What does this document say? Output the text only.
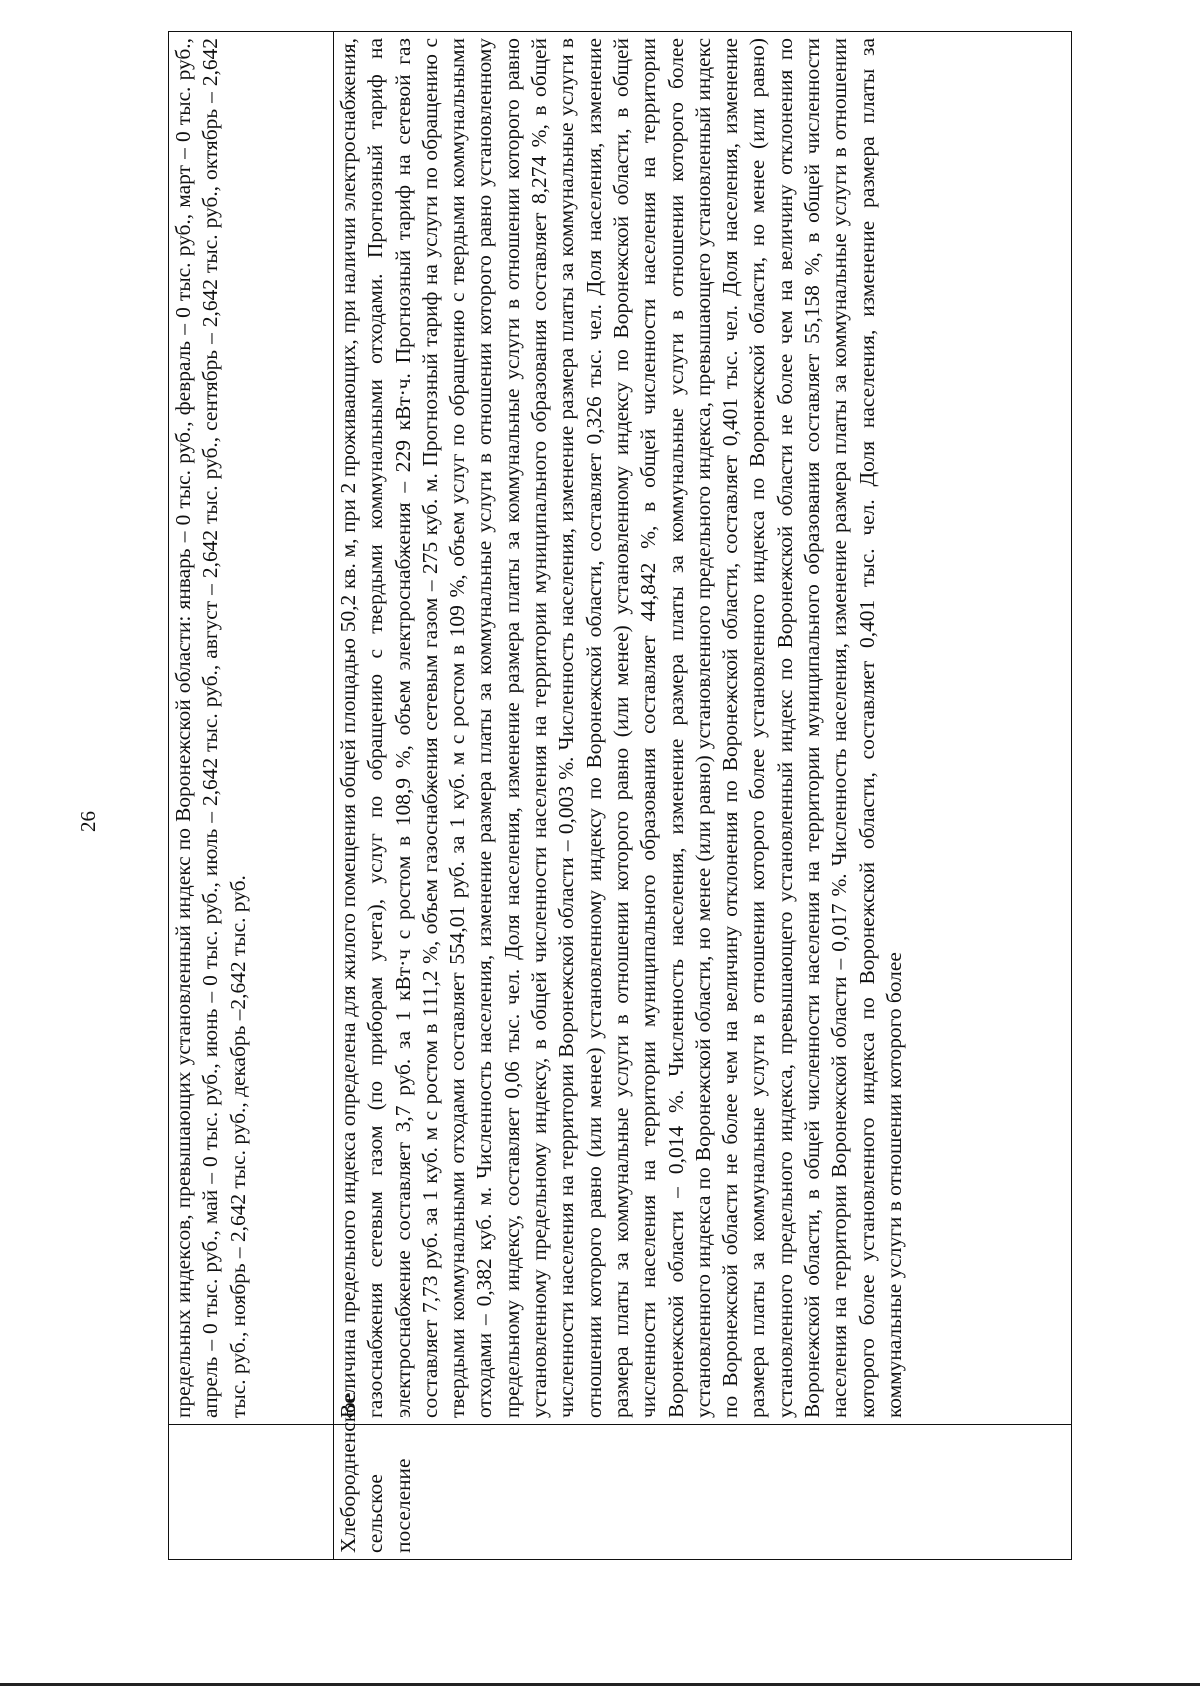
26

	предельных индексов, превышающих установленный индекс по Воронежской области: январь – 0 тыс. руб., февраль – 0 тыс. руб., март – 0 тыс. руб., апрель – 0 тыс. руб., май – 0 тыс. руб., июнь – 0 тыс. руб., июль – 2,642 тыс. руб., август – 2,642 тыс. руб., сентябрь – 2,642 тыс. руб., октябрь – 2,642 тыс. руб., ноябрь – 2,642 тыс. руб., декабрь –2,642 тыс. руб.

Хлебородненское сельское поселение	Величина предельного индекса определена для жилого помещения общей площадью 50,2 кв. м, при 2 проживающих, при наличии электроснабжения, газоснабжения сетевым газом (по приборам учета), услуг по обращению с твердыми коммунальными отходами. Прогнозный тариф на электроснабжение составляет 3,7 руб. за 1 кВт·ч с ростом в 108,9 %, объем электроснабжения – 229 кВт·ч. Прогнозный тариф на сетевой газ составляет 7,73 руб. за 1 куб. м с ростом в 111,2 %, объем газоснабжения сетевым газом – 275 куб. м. Прогнозный тариф на услуги по обращению с твердыми коммунальными отходами составляет 554,01 руб. за 1 куб. м с ростом в 109 %, объем услуг по обращению с твердыми коммунальными отходами – 0,382 куб. м. Численность населения, изменение размера платы за коммунальные услуги в отношении которого равно установленному предельному индексу, составляет 0,06 тыс. чел. Доля населения, изменение размера платы за коммунальные услуги в отношении которого равно установленному предельному индексу, в общей численности населения на территории муниципального образования составляет 8,274 %, в общей численности населения на территории Воронежской области – 0,003 %. Численность населения, изменение размера платы за коммунальные услуги в отношении которого равно (или менее) установленному индексу по Воронежской области, составляет 0,326 тыс. чел. Доля населения, изменение размера платы за коммунальные услуги в отношении которого равно (или менее) установленному индексу по Воронежской области, в общей численности населения на территории муниципального образования составляет 44,842 %, в общей численности населения на территории Воронежской области – 0,014 %. Численность населения, изменение размера платы за коммунальные услуги в отношении которого более установленного индекса по Воронежской области, но менее (или равно) установленного предельного индекса, превышающего установленный индекс по Воронежской области не более чем на величину отклонения по Воронежской области, составляет 0,401 тыс. чел. Доля населения, изменение размера платы за коммунальные услуги в отношении которого более установленного индекса по Воронежской области, но менее (или равно) установленного предельного индекса, превышающего установленный индекс по Воронежской области не более чем на величину отклонения по Воронежской области, в общей численности населения на территории муниципального образования составляет 55,158 %, в общей численности населения на территории Воронежской области – 0,017 %. Численность населения, изменение размера платы за коммунальные услуги в отношении которого более установленного индекса по Воронежской области, составляет 0,401 тыс. чел. Доля населения, изменение размера платы за коммунальные услуги в отношении которого более
